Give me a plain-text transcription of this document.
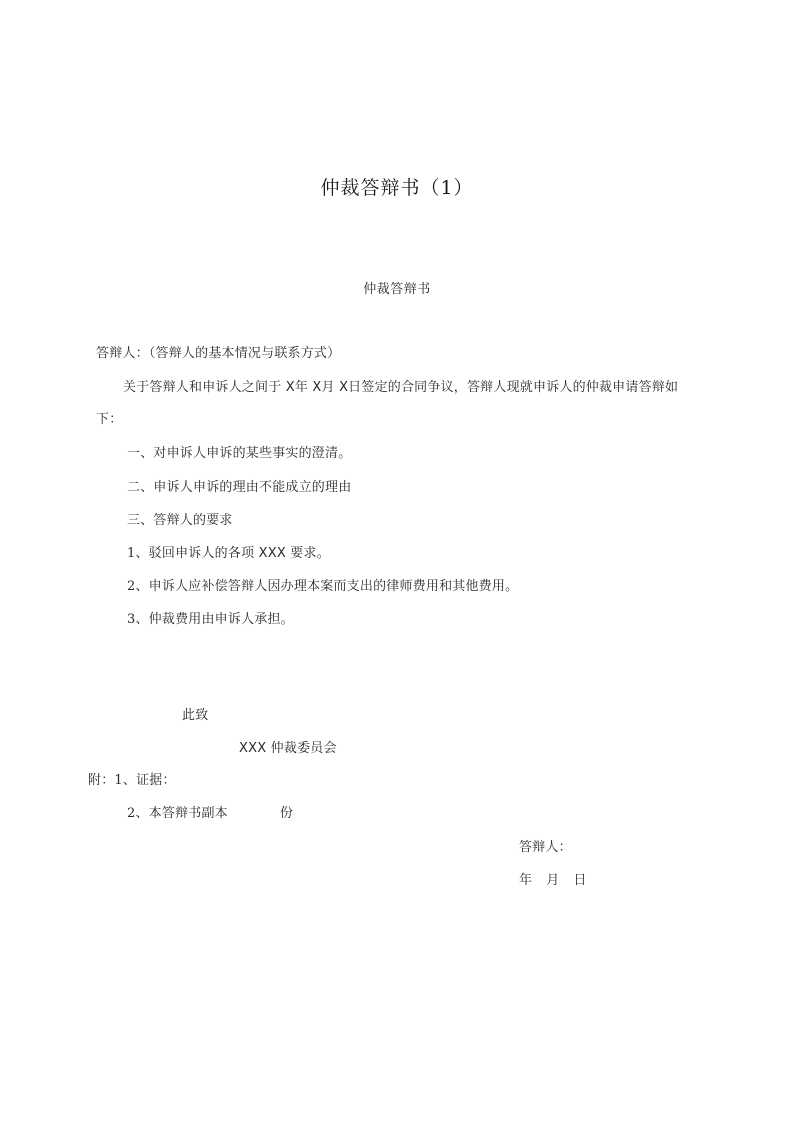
仲裁答辩书（1）
仲裁答辩书
答辩人：（答辩人的基本情况与联系方式）
关于答辩人和申诉人之间于 X年 X月 X日签定的合同争议，答辩人现就申诉人的仲裁申请答辩如
下：
一、对申诉人申诉的某些事实的澄清。
二、申诉人申诉的理由不能成立的理由
三、答辩人的要求
1、驳回申诉人的各项 XXX 要求。
2、申诉人应补偿答辩人因办理本案而支出的律师费用和其他费用。
3、仲裁费用由申诉人承担。
此致
XXX 仲裁委员会
附：1、证据：
2、本答辩书副本	份
答辩人：
年 月 日
